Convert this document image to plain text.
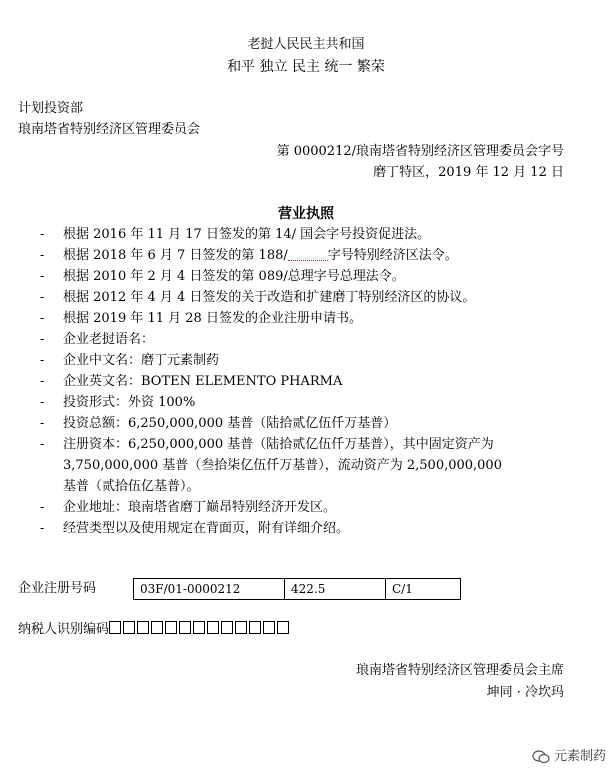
老挝人民民主共和国
和平 独立 民主 统一 繁荣
计划投资部
琅南塔省特别经济区管理委员会
第 0000212/琅南塔省特别经济区管理委员会字号
磨丁特区，2019 年 12 月 12 日
营业执照
- 根据 2016 年 11 月 17 日签发的第 14/ 国会字号投资促进法。
- 根据 2018 年 6 月 7 日签发的第 188/	字号特别经济区法令。
- 根据 2010 年 2 月 4 日签发的第 089/总理字号总理法令。
- 根据 2012 年 4 月 4 日签发的关于改造和扩建磨丁特别经济区的协议。
- 根据 2019 年 11 月 28 日签发的企业注册申请书。
- 企业老挝语名：
- 企业中文名：磨丁元素制药
- 企业英文名：BOTEN ELEMENTO PHARMA
- 投资形式：外资 100%
- 投资总额：6,250,000,000 基普（陆拾贰亿伍仟万基普）
- 注册资本：6,250,000,000 基普（陆拾贰亿伍仟万基普），其中固定资产为
3,750,000,000 基普（叁拾柒亿伍仟万基普），流动资产为 2,500,000,000
基普（贰拾伍亿基普）。
- 企业地址：琅南塔省磨丁巅昂特别经济开发区。
- 经营类型以及使用规定在背面页，附有详细介绍。
企业注册号码	03F/01-0000212	422.5	C/1
纳税人识别编码
琅南塔省特别经济区管理委员会主席
坤同 · 冷坎玛
元素制药
